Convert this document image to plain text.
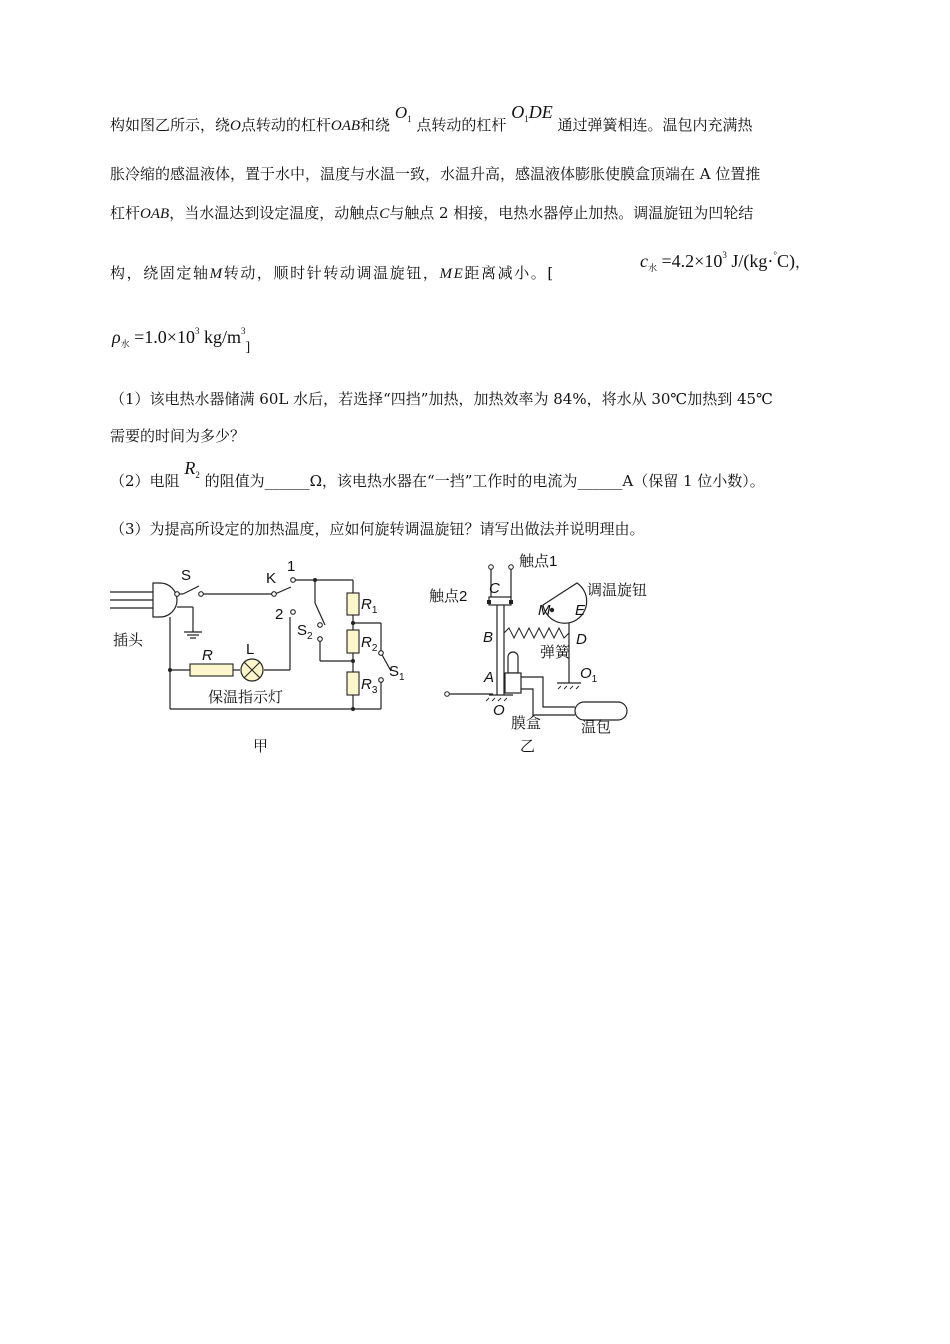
构如图乙所示，绕O点转动的杠杆OAB和绕 $O_1$ 点转动的杠杆 $O_1DE$ 通过弹簧相连。温包内充满热
胀冷缩的感温液体，置于水中，温度与水温一致，水温升高，感温液体膨胀使膜盒顶端在 A 位置推
杠杆OAB，当水温达到设定温度，动触点C与触点 2 相接，电热水器停止加热。调温旋钮为凹轮结
构，绕固定轴M转动，顺时针转动调温旋钮，ME距离减小。[
$c_水 =4.2\times 10^3$ J/(kg·°C)，
$\rho_水 =1.0\times 10^3$ $kg/m^3_]$
（1）该电热水器储满 60L 水后，若选择“四挡”加热，加热效率为 84%，将水从 30℃加热到 45℃
需要的时间为多少？
（2）电阻 $R_2$ 的阻值为______Ω，该电热水器在“一挡”工作时的电流为______A（保留 1 位小数）。
（3）为提高所设定的加热温度，应如何旋转调温旋钮？请写出做法并说明理由。
S	K
1
2
插头
R L
$S_2$
$R_1$
$R_2$
$R_3$
$S_1$
保温指示灯
甲
触点1
触点2 C	调温旋钮
M E
B	D
弹簧
A	$O_1$
O
膜盒	温包
乙
